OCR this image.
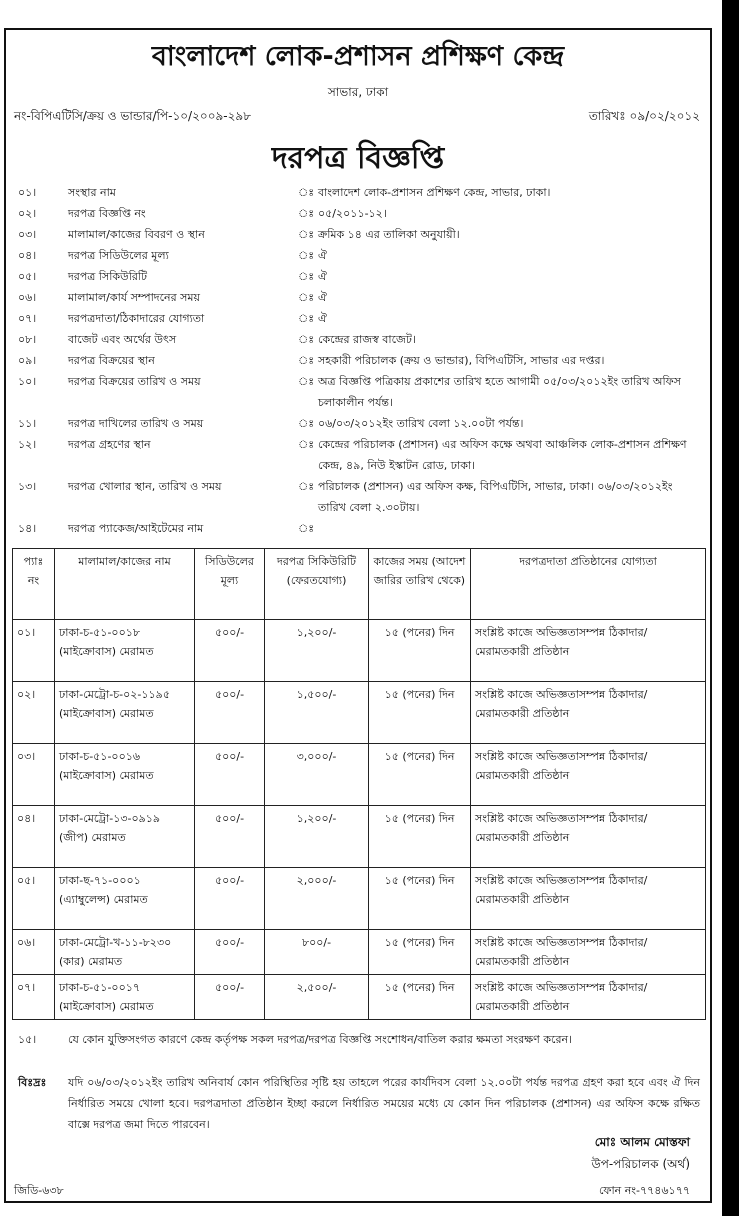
বাংলাদেশ লোক-প্রশাসন প্রশিক্ষণ কেন্দ্র
সাভার, ঢাকা
নং-বিপিএটিসি/ক্রয় ও ভান্ডার/পি-১০/২০০৯-২৯৮	তারিখঃ ০৯/০২/২০১২
দরপত্র বিজ্ঞপ্তি
০১।	সংস্থার নাম	ঃ বাংলাদেশ লোক-প্রশাসন প্রশিক্ষণ কেন্দ্র, সাভার, ঢাকা।
০২।	দরপত্র বিজ্ঞপ্তি নং	ঃ ০৫/২০১১-১২।
০৩।	মালামাল/কাজের বিবরণ ও স্থান	ঃ ক্রমিক ১৪ এর তালিকা অনুযায়ী।
০৪।	দরপত্র সিডিউলের মূল্য	ঃ ঐ
০৫।	দরপত্র সিকিউরিটি	ঃ ঐ
০৬।	মালামাল/কার্য সম্পাদনের সময়	ঃ ঐ
০৭।	দরপত্রদাতা/ঠিকাদারের যোগ্যতা	ঃ ঐ
০৮।	বাজেট এবং অর্থের উৎস	ঃ কেন্দ্রের রাজস্ব বাজেট।
০৯।	দরপত্র বিক্রয়ের স্থান	ঃ সহকারী পরিচালক (ক্রয় ও ভান্ডার), বিপিএটিসি, সাভার এর দপ্তর।
১০।	দরপত্র বিক্রয়ের তারিখ ও সময়	ঃ অত্র বিজ্ঞপ্তি পত্রিকায় প্রকাশের তারিখ হতে আগামী ০৫/০৩/২০১২ইং তারিখ অফিস চলাকালীন পর্যন্ত।
১১।	দরপত্র দাখিলের তারিখ ও সময়	ঃ ০৬/০৩/২০১২ইং তারিখ বেলা ১২.০০টা পর্যন্ত।
১২।	দরপত্র গ্রহণের স্থান	ঃ কেন্দ্রের পরিচালক (প্রশাসন) এর অফিস কক্ষে অথবা আঞ্চলিক লোক-প্রশাসন প্রশিক্ষণ কেন্দ্র, ৪৯, নিউ ইস্কাটন রোড, ঢাকা।
১৩।	দরপত্র খোলার স্থান, তারিখ ও সময়	ঃ পরিচালক (প্রশাসন) এর অফিস কক্ষ, বিপিএটিসি, সাভার, ঢাকা। ০৬/০৩/২০১২ইং তারিখ বেলা ২.৩০টায়।
১৪।	দরপত্র প্যাকেজ/আইটেমের নাম	ঃ
প্যাঃ নং	মালামাল/কাজের নাম	সিডিউলের মূল্য	দরপত্র সিকিউরিটি (ফেরতযোগ্য)	কাজের সময় (আদেশ জারির তারিখ থেকে)	দরপত্রদাতা প্রতিষ্ঠানের যোগ্যতা
০১।	ঢাকা-চ-৫১-০০১৮ (মাইক্রোবাস) মেরামত	৫০০/-	১,২০০/-	১৫ (পনের) দিন	সংশ্লিষ্ট কাজে অভিজ্ঞতাসম্পন্ন ঠিকাদার/মেরামতকারী প্রতিষ্ঠান
০২।	ঢাকা-মেট্রো-চ-০২-১১৯৫ (মাইক্রোবাস) মেরামত	৫০০/-	১,৫০০/-	১৫ (পনের) দিন	সংশ্লিষ্ট কাজে অভিজ্ঞতাসম্পন্ন ঠিকাদার/মেরামতকারী প্রতিষ্ঠান
০৩।	ঢাকা-চ-৫১-০০১৬ (মাইক্রোবাস) মেরামত	৫০০/-	৩,০০০/-	১৫ (পনের) দিন	সংশ্লিষ্ট কাজে অভিজ্ঞতাসম্পন্ন ঠিকাদার/মেরামতকারী প্রতিষ্ঠান
০৪।	ঢাকা-মেট্রো-১৩-০৯১৯ (জীপ) মেরামত	৫০০/-	১,২০০/-	১৫ (পনের) দিন	সংশ্লিষ্ট কাজে অভিজ্ঞতাসম্পন্ন ঠিকাদার/মেরামতকারী প্রতিষ্ঠান
০৫।	ঢাকা-ছ-৭১-০০০১ (এ্যাম্বুলেন্স) মেরামত	৫০০/-	২,০০০/-	১৫ (পনের) দিন	সংশ্লিষ্ট কাজে অভিজ্ঞতাসম্পন্ন ঠিকাদার/মেরামতকারী প্রতিষ্ঠান
০৬।	ঢাকা-মেট্রো-খ-১১-৮২৩০ (কার) মেরামত	৫০০/-	৮০০/-	১৫ (পনের) দিন	সংশ্লিষ্ট কাজে অভিজ্ঞতাসম্পন্ন ঠিকাদার/মেরামতকারী প্রতিষ্ঠান
০৭।	ঢাকা-চ-৫১-০০১৭ (মাইক্রোবাস) মেরামত	৫০০/-	২,৫০০/-	১৫ (পনের) দিন	সংশ্লিষ্ট কাজে অভিজ্ঞতাসম্পন্ন ঠিকাদার/মেরামতকারী প্রতিষ্ঠান
১৫।	যে কোন যুক্তিসংগত কারণে কেন্দ্র কর্তৃপক্ষ সকল দরপত্র/দরপত্র বিজ্ঞপ্তি সংশোধন/বাতিল করার ক্ষমতা সংরক্ষণ করেন।
বিঃদ্রঃ যদি ০৬/০৩/২০১২ইং তারিখ অনিবার্য কোন পরিস্থিতির সৃষ্টি হয় তাহলে পরের কার্যদিবস বেলা ১২.০০টা পর্যন্ত দরপত্র গ্রহণ করা হবে এবং ঐ দিন নির্ধারিত সময়ে খোলা হবে। দরপত্রদাতা প্রতিষ্ঠান ইচ্ছা করলে নির্ধারিত সময়ের মধ্যে যে কোন দিন পরিচালক (প্রশাসন) এর অফিস কক্ষে রক্ষিত বাক্সে দরপত্র জমা দিতে পারবেন।
মোঃ আলম মোস্তফা
উপ-পরিচালক (অর্থ)
জিডি-৬৩৮	ফোন নং-৭৭৪৬১৭৭
